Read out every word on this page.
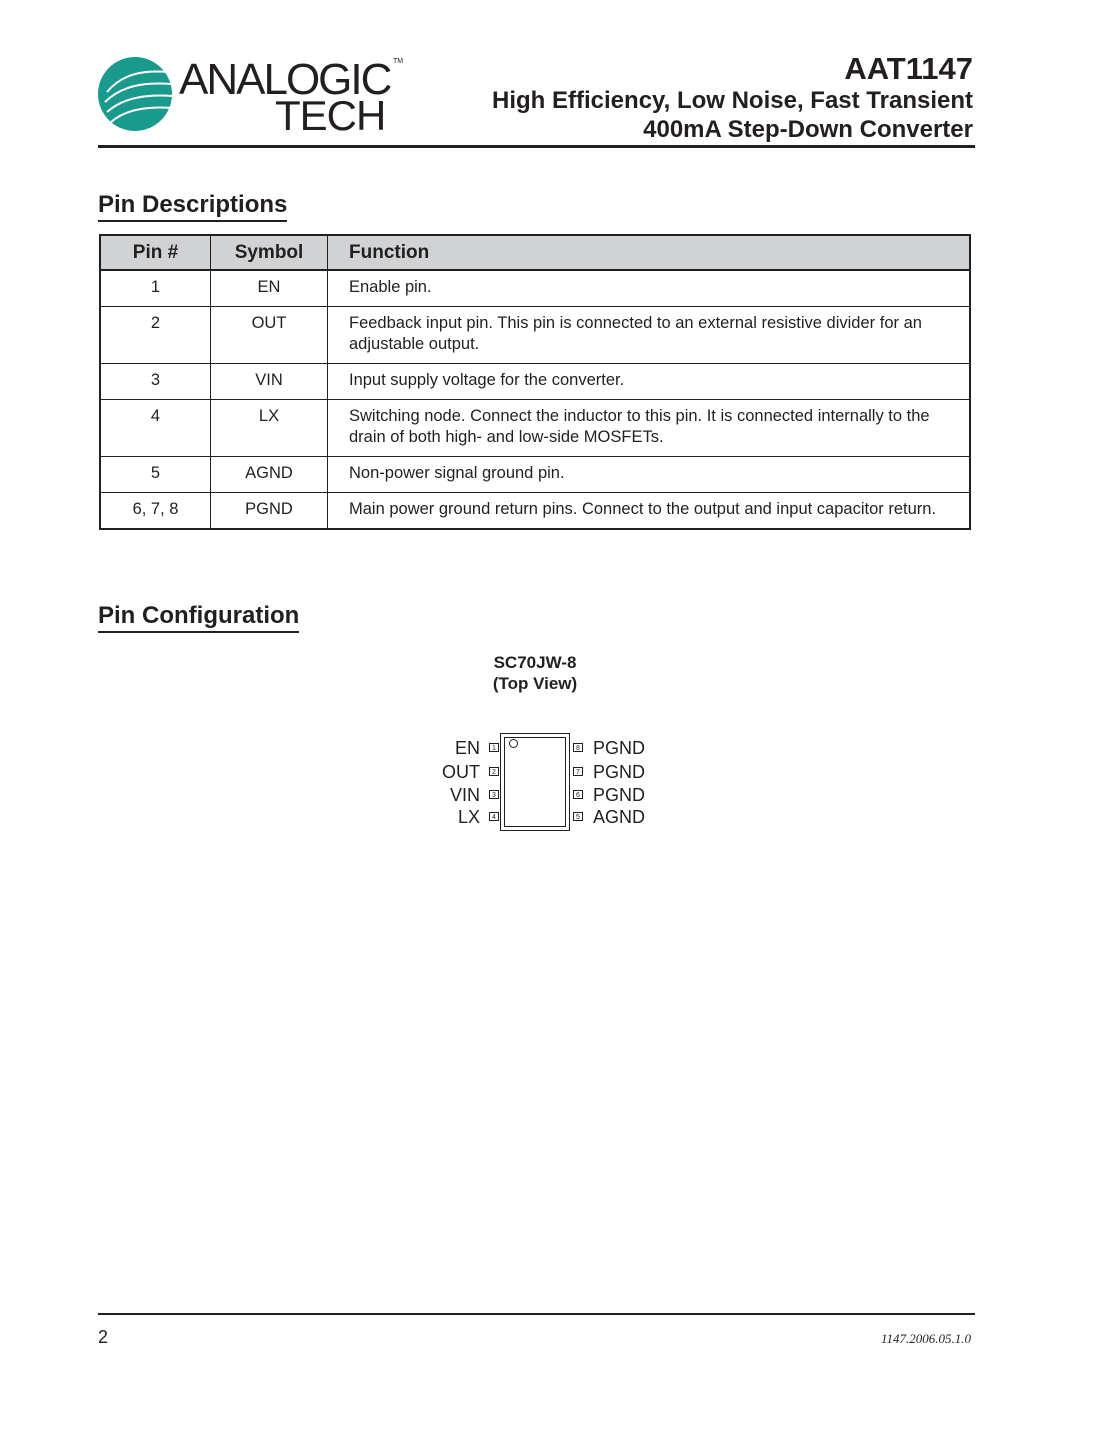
ANALOGIC TM
TECH
AAT1147
High Efficiency, Low Noise, Fast Transient
400mA Step-Down Converter
Pin Descriptions
Pin #	Symbol	Function
1	EN	Enable pin.
2	OUT	Feedback input pin. This pin is connected to an external resistive divider for an adjustable output.
3	VIN	Input supply voltage for the converter.
4	LX	Switching node. Connect the inductor to this pin. It is connected internally to the drain of both high- and low-side MOSFETs.
5	AGND	Non-power signal ground pin.
6, 7, 8	PGND	Main power ground return pins. Connect to the output and input capacitor return.
Pin Configuration
SC70JW-8
(Top View)
1
2
3
4
EN
OUT
VIN
LX
8
7
6
5
PGND
PGND
PGND
AGND
2	1147.2006.05.1.0
